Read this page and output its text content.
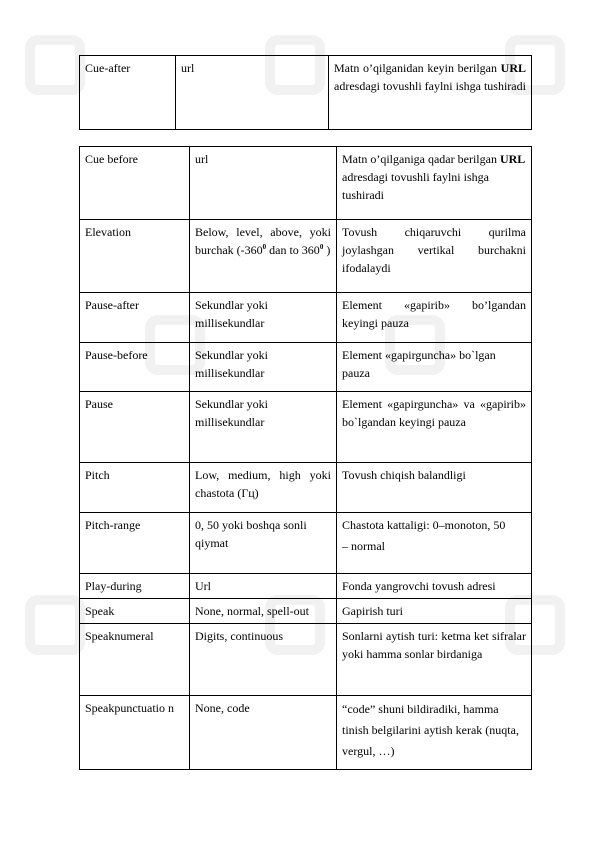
Cue-after	url	Matn o’qilganidan keyin berilgan URL adresdagi tovushli faylni ishga tushiradi
Cue before	url	Matn o’qilganiga qadar berilgan URL adresdagi tovushli faylni ishga tushiradi
Elevation	Below, level, above, yoki burchak ($-360^0$ dan to $360^0$ )	Tovush chiqaruvchi qurilma joylashgan vertikal burchakni ifodalaydi
Pause-after	Sekundlar yoki millisekundlar	Element «gapirib» bo’lgandan keyingi pauza
Pause-before	Sekundlar yoki millisekundlar	Element «gapirguncha» bo`lgan pauza
Pause	Sekundlar yoki millisekundlar	Element «gapirguncha» va «gapirib» bo`lgandan keyingi pauza
Pitch	Low, medium, high yoki chastota (Гц)	Tovush chiqish balandligi
Pitch-range	0, 50 yoki boshqa sonli qiymat	Chastota kattaligi: 0–monoton, 50
– normal

Play-during	Url	Fonda yangrovchi tovush adresi
Speak	None, normal, spell-out	Gapirish turi
Speaknumeral	Digits, continuous	Sonlarni aytish turi: ketma ket sifralar yoki hamma sonlar birdaniga
Speakpunctuatio n	None, code	“code” shuni bildiradiki, hamma tinish belgilarini aytish kerak (nuqta, vergul, …)
